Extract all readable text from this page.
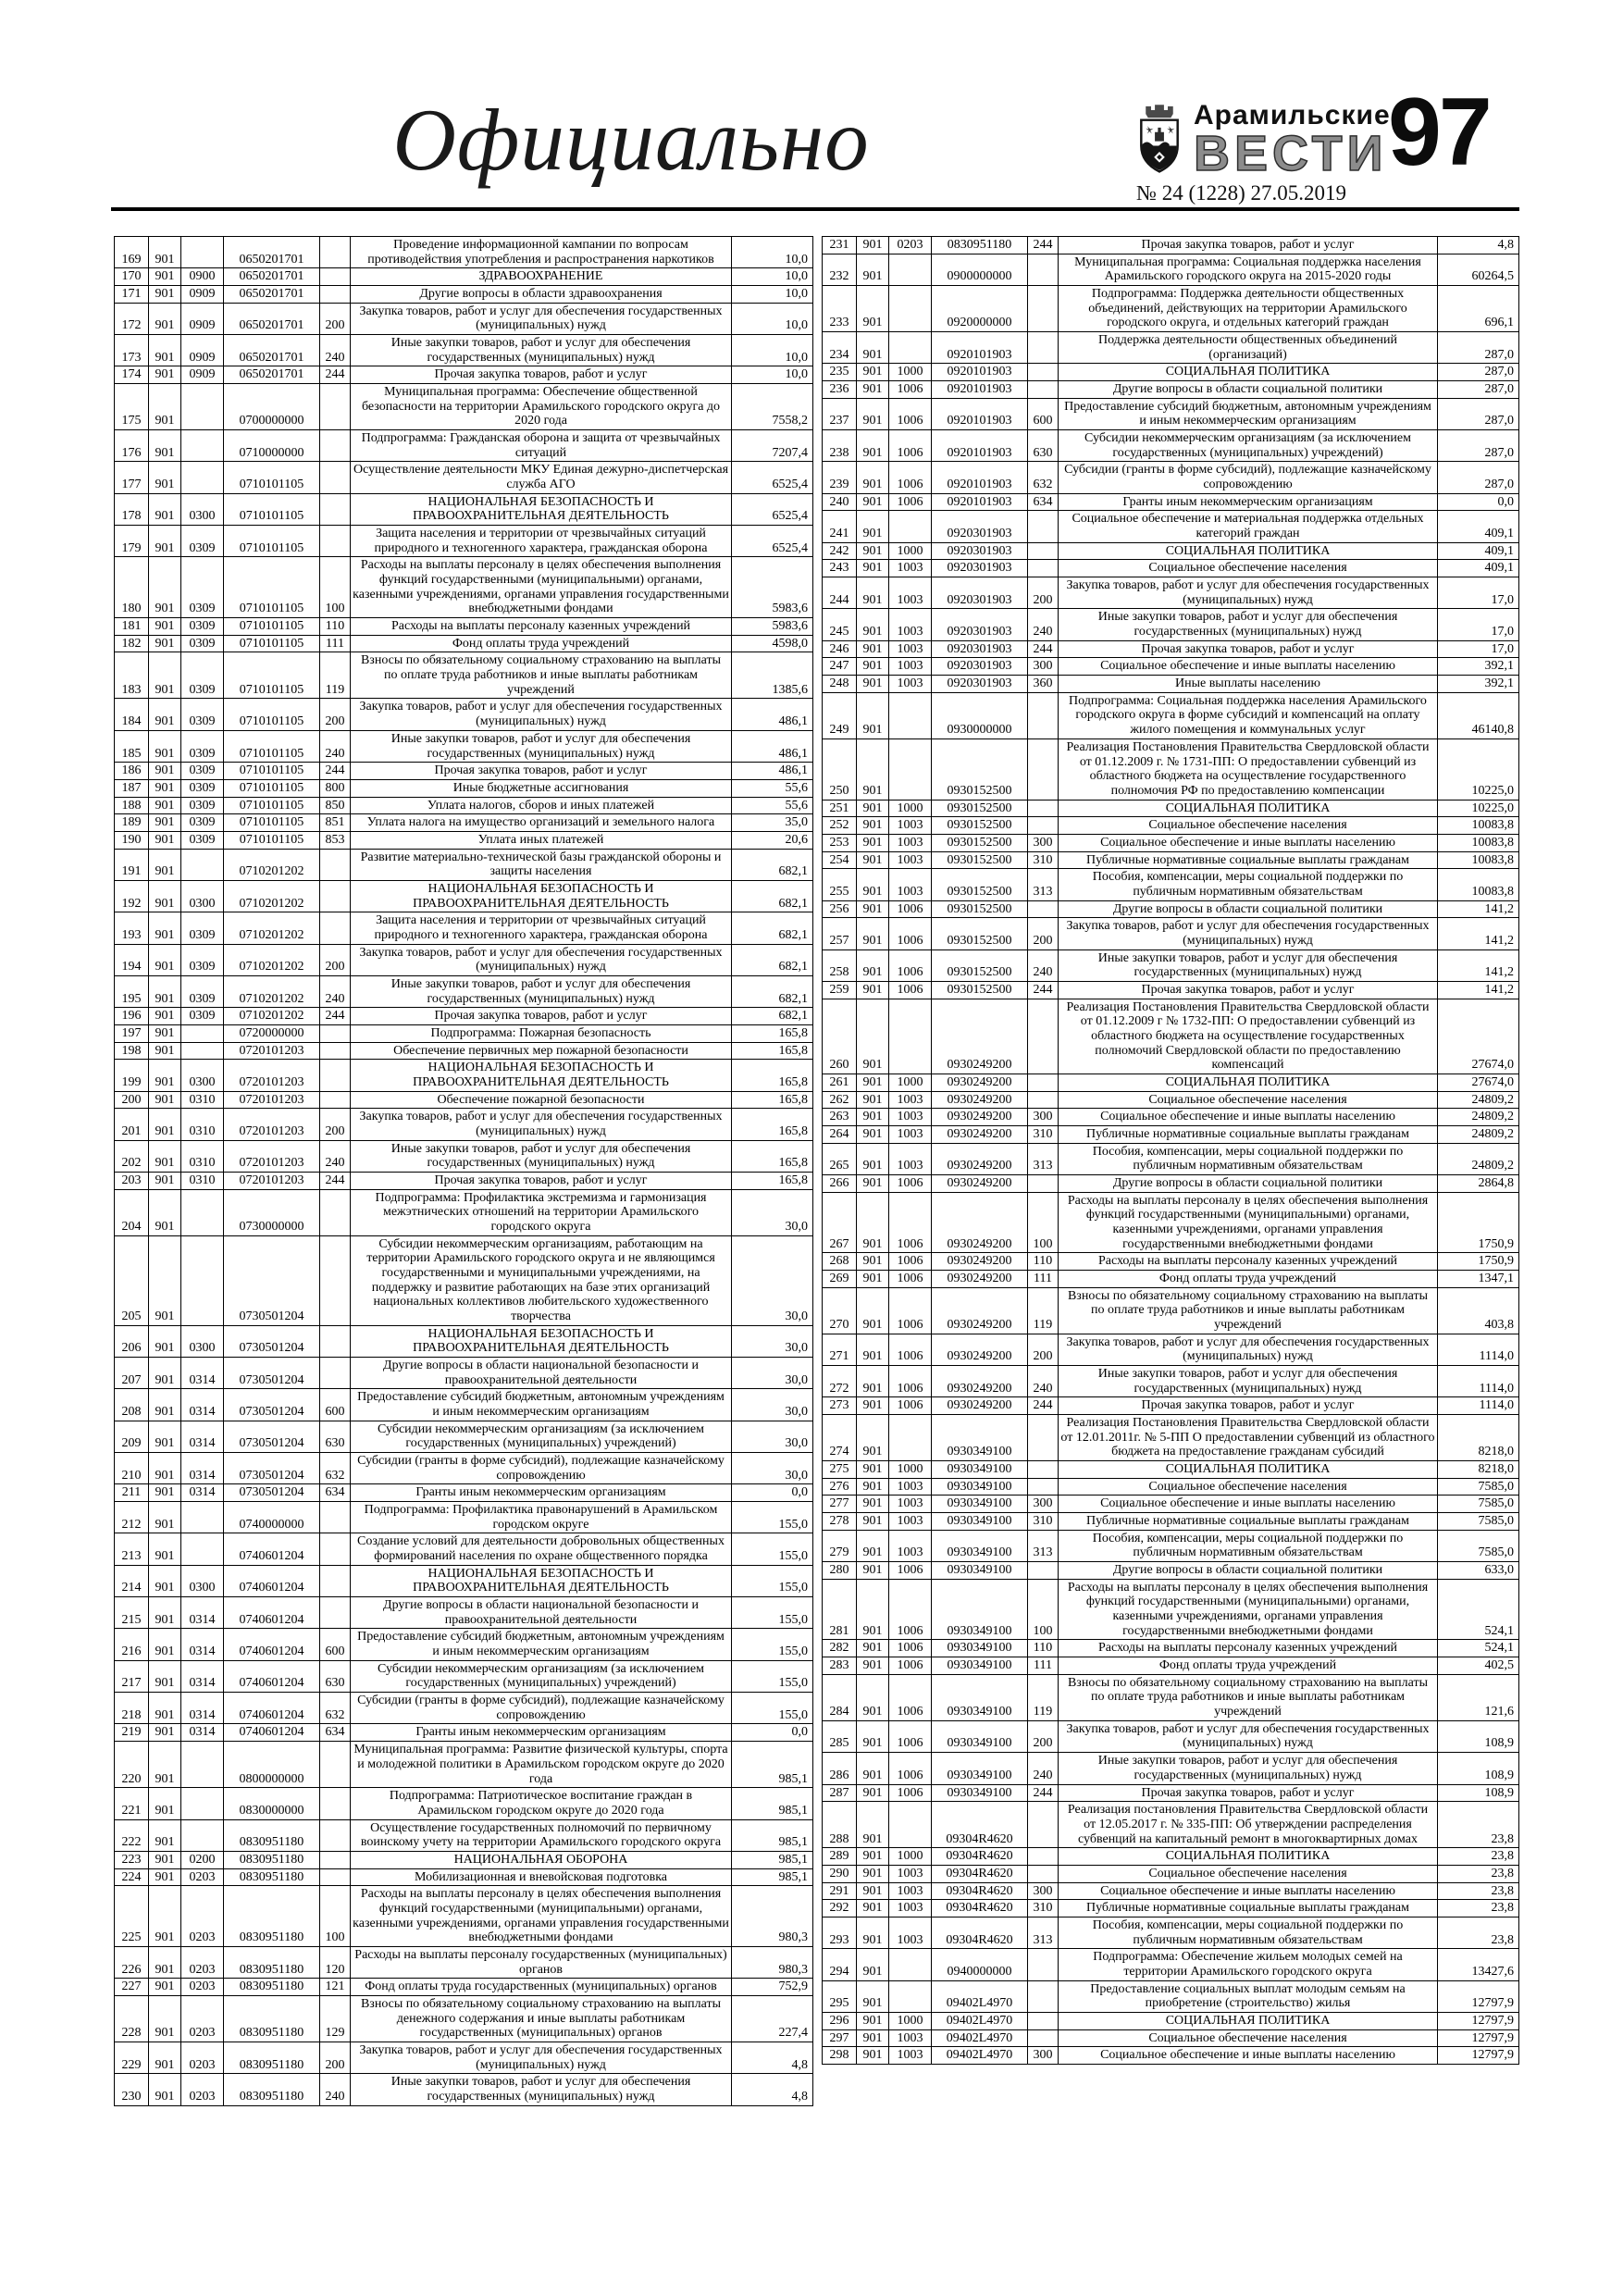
Официально	Арамильские
ВЕСТИ
№ 24 (1228) 27.05.2019
97
169	901		0650201701		Проведение информационной кампании по вопросам противодействия употребления и распространения наркотиков	10,0
170	901	0900	0650201701		ЗДРАВООХРАНЕНИЕ	10,0
171	901	0909	0650201701		Другие вопросы в области здравоохранения	10,0
172	901	0909	0650201701	200	Закупка товаров, работ и услуг для обеспечения государственных (муниципальных) нужд	10,0
173	901	0909	0650201701	240	Иные закупки товаров, работ и услуг для обеспечения государственных (муниципальных) нужд	10,0
174	901	0909	0650201701	244	Прочая закупка товаров, работ и услуг	10,0
175	901		0700000000		Муниципальная программа: Обеспечение общественной безопасности на территории Арамильского городского округа до 2020 года	7558,2
176	901		0710000000		Подпрограмма: Гражданская оборона и защита от чрезвычайных ситуаций	7207,4
177	901		0710101105		Осуществление деятельности МКУ Единая дежурно-диспетчерская служба АГО	6525,4
178	901	0300	0710101105		НАЦИОНАЛЬНАЯ БЕЗОПАСНОСТЬ И ПРАВООХРАНИТЕЛЬНАЯ ДЕЯТЕЛЬНОСТЬ	6525,4
179	901	0309	0710101105		Защита населения и территории от чрезвычайных ситуаций природного и техногенного характера, гражданская оборона	6525,4
180	901	0309	0710101105	100	Расходы на выплаты персоналу в целях обеспечения выполнения функций государственными (муниципальными) органами, казенными учреждениями, органами управления государственными внебюджетными фондами	5983,6
181	901	0309	0710101105	110	Расходы на выплаты персоналу казенных учреждений	5983,6
182	901	0309	0710101105	111	Фонд оплаты труда учреждений	4598,0
183	901	0309	0710101105	119	Взносы по обязательному социальному страхованию на выплаты по оплате труда работников и иные выплаты работникам учреждений	1385,6
184	901	0309	0710101105	200	Закупка товаров, работ и услуг для обеспечения государственных (муниципальных) нужд	486,1
185	901	0309	0710101105	240	Иные закупки товаров, работ и услуг для обеспечения государственных (муниципальных) нужд	486,1
186	901	0309	0710101105	244	Прочая закупка товаров, работ и услуг	486,1
187	901	0309	0710101105	800	Иные бюджетные ассигнования	55,6
188	901	0309	0710101105	850	Уплата налогов, сборов и иных платежей	55,6
189	901	0309	0710101105	851	Уплата налога на имущество организаций и земельного налога	35,0
190	901	0309	0710101105	853	Уплата иных платежей	20,6
191	901		0710201202		Развитие материально-технической базы гражданской обороны и защиты населения	682,1
192	901	0300	0710201202		НАЦИОНАЛЬНАЯ БЕЗОПАСНОСТЬ И ПРАВООХРАНИТЕЛЬНАЯ ДЕЯТЕЛЬНОСТЬ	682,1
193	901	0309	0710201202		Защита населения и территории от чрезвычайных ситуаций природного и техногенного характера, гражданская оборона	682,1
194	901	0309	0710201202	200	Закупка товаров, работ и услуг для обеспечения государственных (муниципальных) нужд	682,1
195	901	0309	0710201202	240	Иные закупки товаров, работ и услуг для обеспечения государственных (муниципальных) нужд	682,1
196	901	0309	0710201202	244	Прочая закупка товаров, работ и услуг	682,1
197	901		0720000000		Подпрограмма: Пожарная безопасность	165,8
198	901		0720101203		Обеспечение первичных мер пожарной безопасности	165,8
199	901	0300	0720101203		НАЦИОНАЛЬНАЯ БЕЗОПАСНОСТЬ И ПРАВООХРАНИТЕЛЬНАЯ ДЕЯТЕЛЬНОСТЬ	165,8
200	901	0310	0720101203		Обеспечение пожарной безопасности	165,8
201	901	0310	0720101203	200	Закупка товаров, работ и услуг для обеспечения государственных (муниципальных) нужд	165,8
202	901	0310	0720101203	240	Иные закупки товаров, работ и услуг для обеспечения государственных (муниципальных) нужд	165,8
203	901	0310	0720101203	244	Прочая закупка товаров, работ и услуг	165,8
204	901		0730000000		Подпрограмма: Профилактика экстремизма и гармонизация межэтнических отношений на территории Арамильского городского округа	30,0
205	901		0730501204		Субсидии некоммерческим организациям, работающим на территории Арамильского городского округа и не являющимся государственными и муниципальными учреждениями, на поддержку и развитие работающих на базе этих организаций национальных коллективов любительского художественного творчества	30,0
206	901	0300	0730501204		НАЦИОНАЛЬНАЯ БЕЗОПАСНОСТЬ И ПРАВООХРАНИТЕЛЬНАЯ ДЕЯТЕЛЬНОСТЬ	30,0
207	901	0314	0730501204		Другие вопросы в области национальной безопасности и правоохранительной деятельности	30,0
208	901	0314	0730501204	600	Предоставление субсидий бюджетным, автономным учреждениям и иным некоммерческим организациям	30,0
209	901	0314	0730501204	630	Субсидии некоммерческим организациям (за исключением государственных (муниципальных) учреждений)	30,0
210	901	0314	0730501204	632	Субсидии (гранты в форме субсидий), подлежащие казначейскому сопровождению	30,0
211	901	0314	0730501204	634	Гранты иным некоммерческим организациям	0,0
212	901		0740000000		Подпрограмма: Профилактика правонарушений в Арамильском городском округе	155,0
213	901		0740601204		Создание условий для деятельности добровольных общественных формирований населения по охране общественного порядка	155,0
214	901	0300	0740601204		НАЦИОНАЛЬНАЯ БЕЗОПАСНОСТЬ И ПРАВООХРАНИТЕЛЬНАЯ ДЕЯТЕЛЬНОСТЬ	155,0
215	901	0314	0740601204		Другие вопросы в области национальной безопасности и правоохранительной деятельности	155,0
216	901	0314	0740601204	600	Предоставление субсидий бюджетным, автономным учреждениям и иным некоммерческим организациям	155,0
217	901	0314	0740601204	630	Субсидии некоммерческим организациям (за исключением государственных (муниципальных) учреждений)	155,0
218	901	0314	0740601204	632	Субсидии (гранты в форме субсидий), подлежащие казначейскому сопровождению	155,0
219	901	0314	0740601204	634	Гранты иным некоммерческим организациям	0,0
220	901		0800000000		Муниципальная программа: Развитие физической культуры, спорта и молодежной политики в Арамильском городском округе до 2020 года	985,1
221	901		0830000000		Подпрограмма: Патриотическое воспитание граждан в Арамильском городском округе до 2020 года	985,1
222	901		0830951180		Осуществление государственных полномочий по первичному воинскому учету на территории Арамильского городского округа	985,1
223	901	0200	0830951180		НАЦИОНАЛЬНАЯ ОБОРОНА	985,1
224	901	0203	0830951180		Мобилизационная и вневойсковая подготовка	985,1
225	901	0203	0830951180	100	Расходы на выплаты персоналу в целях обеспечения выполнения функций государственными (муниципальными) органами, казенными учреждениями, органами управления государственными внебюджетными фондами	980,3
226	901	0203	0830951180	120	Расходы на выплаты персоналу государственных (муниципальных) органов	980,3
227	901	0203	0830951180	121	Фонд оплаты труда государственных (муниципальных) органов	752,9
228	901	0203	0830951180	129	Взносы по обязательному социальному страхованию на выплаты денежного содержания и иные выплаты работникам государственных (муниципальных) органов	227,4
229	901	0203	0830951180	200	Закупка товаров, работ и услуг для обеспечения государственных (муниципальных) нужд	4,8
230	901	0203	0830951180	240	Иные закупки товаров, работ и услуг для обеспечения государственных (муниципальных) нужд	4,8
231	901	0203	0830951180	244	Прочая закупка товаров, работ и услуг	4,8
232	901		0900000000		Муниципальная программа: Социальная поддержка населения Арамильского городского округа на 2015-2020 годы	60264,5
233	901		0920000000		Подпрограмма: Поддержка деятельности общественных объединений, действующих на территории Арамильского городского округа, и отдельных категорий граждан	696,1
234	901		0920101903		Поддержка деятельности общественных объединений (организаций)	287,0
235	901	1000	0920101903		СОЦИАЛЬНАЯ ПОЛИТИКА	287,0
236	901	1006	0920101903		Другие вопросы в области социальной политики	287,0
237	901	1006	0920101903	600	Предоставление субсидий бюджетным, автономным учреждениям и иным некоммерческим организациям	287,0
238	901	1006	0920101903	630	Субсидии некоммерческим организациям (за исключением государственных (муниципальных) учреждений)	287,0
239	901	1006	0920101903	632	Субсидии (гранты в форме субсидий), подлежащие казначейскому сопровождению	287,0
240	901	1006	0920101903	634	Гранты иным некоммерческим организациям	0,0
241	901		0920301903		Социальное обеспечение и материальная поддержка отдельных категорий граждан	409,1
242	901	1000	0920301903		СОЦИАЛЬНАЯ ПОЛИТИКА	409,1
243	901	1003	0920301903		Социальное обеспечение населения	409,1
244	901	1003	0920301903	200	Закупка товаров, работ и услуг для обеспечения государственных (муниципальных) нужд	17,0
245	901	1003	0920301903	240	Иные закупки товаров, работ и услуг для обеспечения государственных (муниципальных) нужд	17,0
246	901	1003	0920301903	244	Прочая закупка товаров, работ и услуг	17,0
247	901	1003	0920301903	300	Социальное обеспечение и иные выплаты населению	392,1
248	901	1003	0920301903	360	Иные выплаты населению	392,1
249	901		0930000000		Подпрограмма: Социальная поддержка населения Арамильского городского округа в форме субсидий и компенсаций на оплату жилого помещения и коммунальных услуг	46140,8
250	901		0930152500		Реализация Постановления Правительства Свердловской области от 01.12.2009 г. № 1731-ПП: О предоставлении субвенций из областного бюджета на осуществление государственного полномочия РФ по предоставлению компенсации	10225,0
251	901	1000	0930152500		СОЦИАЛЬНАЯ ПОЛИТИКА	10225,0
252	901	1003	0930152500		Социальное обеспечение населения	10083,8
253	901	1003	0930152500	300	Социальное обеспечение и иные выплаты населению	10083,8
254	901	1003	0930152500	310	Публичные нормативные социальные выплаты гражданам	10083,8
255	901	1003	0930152500	313	Пособия, компенсации, меры социальной поддержки по публичным нормативным обязательствам	10083,8
256	901	1006	0930152500		Другие вопросы в области социальной политики	141,2
257	901	1006	0930152500	200	Закупка товаров, работ и услуг для обеспечения государственных (муниципальных) нужд	141,2
258	901	1006	0930152500	240	Иные закупки товаров, работ и услуг для обеспечения государственных (муниципальных) нужд	141,2
259	901	1006	0930152500	244	Прочая закупка товаров, работ и услуг	141,2
260	901		0930249200		Реализация Постановления Правительства Свердловской области от 01.12.2009 г № 1732-ПП: О предоставлении субвенций из областного бюджета на осуществление государственных полномочий Свердловской области по предоставлению компенсаций	27674,0
261	901	1000	0930249200		СОЦИАЛЬНАЯ ПОЛИТИКА	27674,0
262	901	1003	0930249200		Социальное обеспечение населения	24809,2
263	901	1003	0930249200	300	Социальное обеспечение и иные выплаты населению	24809,2
264	901	1003	0930249200	310	Публичные нормативные социальные выплаты гражданам	24809,2
265	901	1003	0930249200	313	Пособия, компенсации, меры социальной поддержки по публичным нормативным обязательствам	24809,2
266	901	1006	0930249200		Другие вопросы в области социальной политики	2864,8
267	901	1006	0930249200	100	Расходы на выплаты персоналу в целях обеспечения выполнения функций государственными (муниципальными) органами, казенными учреждениями, органами управления государственными внебюджетными фондами	1750,9
268	901	1006	0930249200	110	Расходы на выплаты персоналу казенных учреждений	1750,9
269	901	1006	0930249200	111	Фонд оплаты труда учреждений	1347,1
270	901	1006	0930249200	119	Взносы по обязательному социальному страхованию на выплаты по оплате труда работников и иные выплаты работникам учреждений	403,8
271	901	1006	0930249200	200	Закупка товаров, работ и услуг для обеспечения государственных (муниципальных) нужд	1114,0
272	901	1006	0930249200	240	Иные закупки товаров, работ и услуг для обеспечения государственных (муниципальных) нужд	1114,0
273	901	1006	0930249200	244	Прочая закупка товаров, работ и услуг	1114,0
274	901		0930349100		Реализация Постановления Правительства Свердловской области от 12.01.2011г. № 5-ПП О предоставлении субвенций из областного бюджета на предоставление гражданам субсидий	8218,0
275	901	1000	0930349100		СОЦИАЛЬНАЯ ПОЛИТИКА	8218,0
276	901	1003	0930349100		Социальное обеспечение населения	7585,0
277	901	1003	0930349100	300	Социальное обеспечение и иные выплаты населению	7585,0
278	901	1003	0930349100	310	Публичные нормативные социальные выплаты гражданам	7585,0
279	901	1003	0930349100	313	Пособия, компенсации, меры социальной поддержки по публичным нормативным обязательствам	7585,0
280	901	1006	0930349100		Другие вопросы в области социальной политики	633,0
281	901	1006	0930349100	100	Расходы на выплаты персоналу в целях обеспечения выполнения функций государственными (муниципальными) органами, казенными учреждениями, органами управления государственными внебюджетными фондами	524,1
282	901	1006	0930349100	110	Расходы на выплаты персоналу казенных учреждений	524,1
283	901	1006	0930349100	111	Фонд оплаты труда учреждений	402,5
284	901	1006	0930349100	119	Взносы по обязательному социальному страхованию на выплаты по оплате труда работников и иные выплаты работникам учреждений	121,6
285	901	1006	0930349100	200	Закупка товаров, работ и услуг для обеспечения государственных (муниципальных) нужд	108,9
286	901	1006	0930349100	240	Иные закупки товаров, работ и услуг для обеспечения государственных (муниципальных) нужд	108,9
287	901	1006	0930349100	244	Прочая закупка товаров, работ и услуг	108,9
288	901		09304R4620		Реализация постановления Правительства Свердловской области от 12.05.2017 г. № 335-ПП: Об утверждении распределения субвенций на капитальный ремонт в многоквартирных домах	23,8
289	901	1000	09304R4620		СОЦИАЛЬНАЯ ПОЛИТИКА	23,8
290	901	1003	09304R4620		Социальное обеспечение населения	23,8
291	901	1003	09304R4620	300	Социальное обеспечение и иные выплаты населению	23,8
292	901	1003	09304R4620	310	Публичные нормативные социальные выплаты гражданам	23,8
293	901	1003	09304R4620	313	Пособия, компенсации, меры социальной поддержки по публичным нормативным обязательствам	23,8
294	901		0940000000		Подпрограмма: Обеспечение жильем молодых семей на территории Арамильского городского округа	13427,6
295	901		09402L4970		Предоставление социальных выплат молодым семьям на приобретение (строительство) жилья	12797,9
296	901	1000	09402L4970		СОЦИАЛЬНАЯ ПОЛИТИКА	12797,9
297	901	1003	09402L4970		Социальное обеспечение населения	12797,9
298	901	1003	09402L4970	300	Социальное обеспечение и иные выплаты населению	12797,9
